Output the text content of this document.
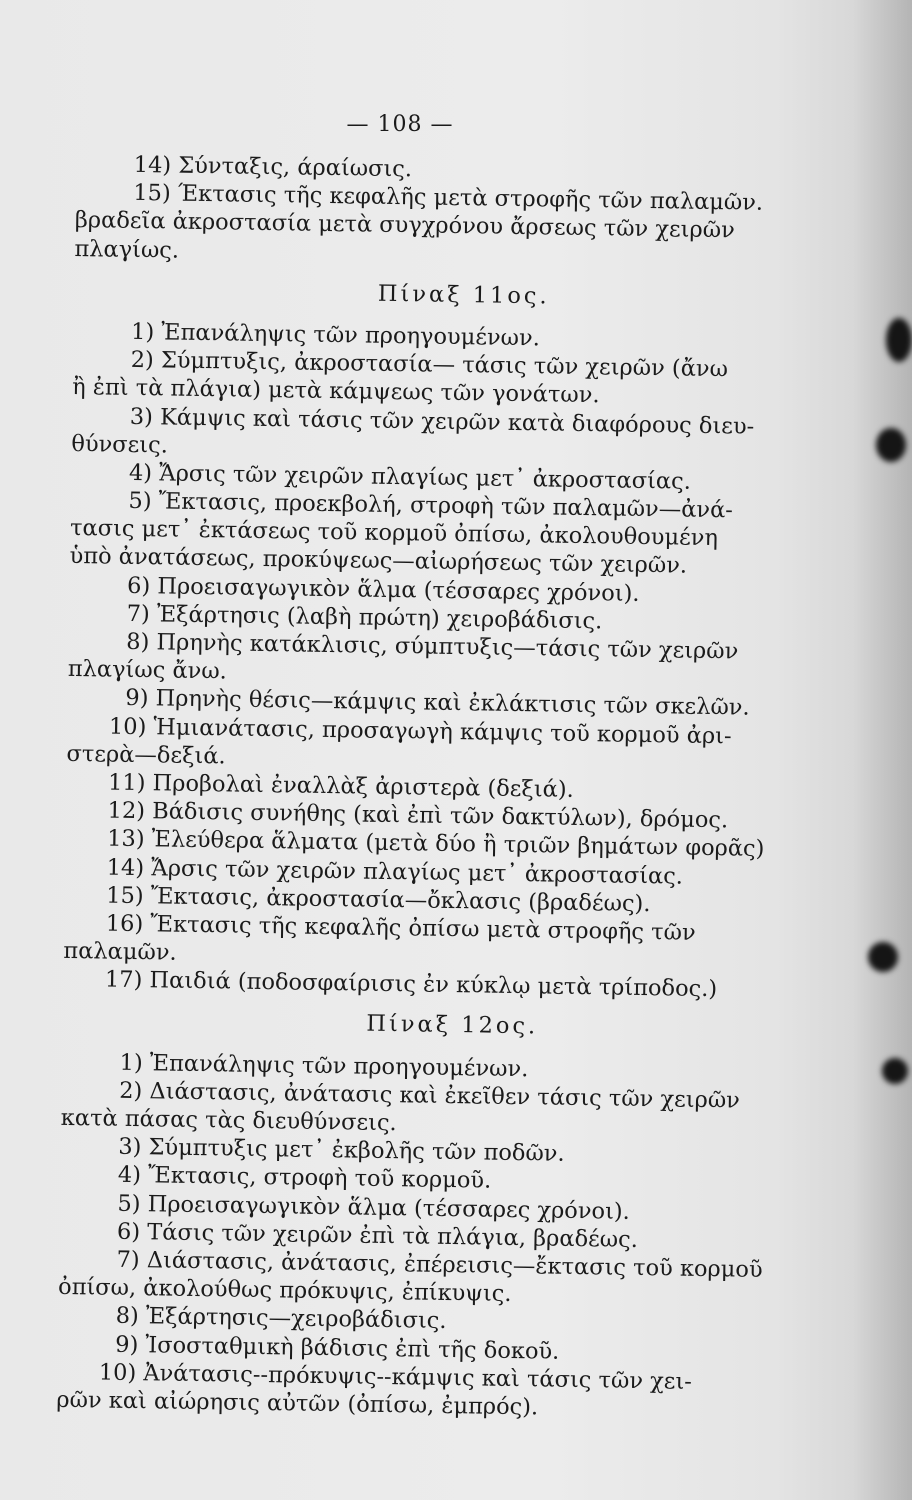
— 108 —
14) Σύνταξις, άραίωσις.
15) Έκτασις τῆς κεφαλῆς μετὰ στροφῆς τῶν παλαμῶν.
βραδεῖα ἀκροστασία μετὰ συγχρόνου ἄρσεως τῶν χειρῶν
πλαγίως.
Πίναξ 11ος.
1) Ἐπανάληψις τῶν προηγουμένων.
2) Σύμπτυξις, ἀκροστασία— τάσις τῶν χειρῶν (ἄνω
ἢ ἐπὶ τὰ πλάγια) μετὰ κάμψεως τῶν γονάτων.
3) Κάμψις καὶ τάσις τῶν χειρῶν κατὰ διαφόρους διευ-
θύνσεις.
4) Ἄρσις τῶν χειρῶν πλαγίως μετ᾽ ἀκροστασίας.
5) Ἔκτασις, προεκβολή, στροφὴ τῶν παλαμῶν—ἀνά-
τασις μετ᾽ ἐκτάσεως τοῦ κορμοῦ ὀπίσω, ἀκολουθουμένη
ὑπὸ ἀνατάσεως, προκύψεως—αἰωρήσεως τῶν χειρῶν.
6) Προεισαγωγικὸν ἅλμα (τέσσαρες χρόνοι).
7) Ἐξάρτησις (λαβὴ πρώτη) χειροβάδισις.
8) Πρηνὴς κατάκλισις, σύμπτυξις—τάσις τῶν χειρῶν
πλαγίως ἄνω.
9) Πρηνὴς θέσις—κάμψις καὶ ἐκλάκτισις τῶν σκελῶν.
10) Ἡμιανάτασις, προσαγωγὴ κάμψις τοῦ κορμοῦ ἀρι-
στερὰ—δεξιά.
11) Προβολαὶ ἐναλλὰξ ἀριστερὰ (δεξιά).
12) Βάδισις συνήθης (καὶ ἐπὶ τῶν δακτύλων), δρόμος.
13) Ἐλεύθερα ἅλματα (μετὰ δύο ἢ τριῶν βημάτων φορᾶς)
14) Ἄρσις τῶν χειρῶν πλαγίως μετ᾽ ἀκροστασίας.
15) Ἔκτασις, ἀκροστασία—ὄκλασις (βραδέως).
16) Ἔκτασις τῆς κεφαλῆς ὀπίσω μετὰ στροφῆς τῶν
παλαμῶν.
17) Παιδιά (ποδοσφαίρισις ἐν κύκλῳ μετὰ τρίποδος.)
Πίναξ 12ος.
1) Ἐπανάληψις τῶν προηγουμένων.
2) Διάστασις, ἀνάτασις καὶ ἐκεῖθεν τάσις τῶν χειρῶν
κατὰ πάσας τὰς διευθύνσεις.
3) Σύμπτυξις μετ᾽ ἐκβολῆς τῶν ποδῶν.
4) Ἔκτασις, στροφὴ τοῦ κορμοῦ.
5) Προεισαγωγικὸν ἅλμα (τέσσαρες χρόνοι).
6) Τάσις τῶν χειρῶν ἐπὶ τὰ πλάγια, βραδέως.
7) Διάστασις, ἀνάτασις, ἐπέρεισις—ἔκτασις τοῦ κορμοῦ
ὀπίσω, ἀκολούθως πρόκυψις, ἐπίκυψις.
8) Ἐξάρτησις—χειροβάδισις.
9) Ἰσοσταθμικὴ βάδισις ἐπὶ τῆς δοκοῦ.
10) Ἀνάτασις--πρόκυψις--κάμψις καὶ τάσις τῶν χει-
ρῶν καὶ αἰώρησις αὐτῶν (ὀπίσω, ἐμπρός).
